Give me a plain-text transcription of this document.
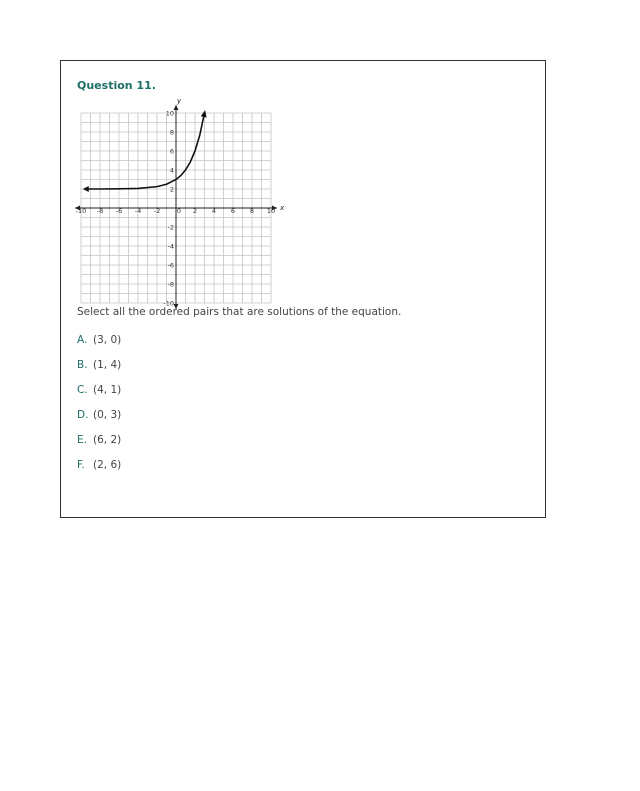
Question 11.
x
y
-10 -8 -6 -4 -2	0 2 4 6 8 10
10
8
6
4
2
-2
-4
-6
-8
-10
Select all the ordered pairs that are solutions of the equation.
A. (3, 0)
B. (1, 4)
C. (4, 1)
D. (0, 3)
E. (6, 2)
F. (2, 6)
